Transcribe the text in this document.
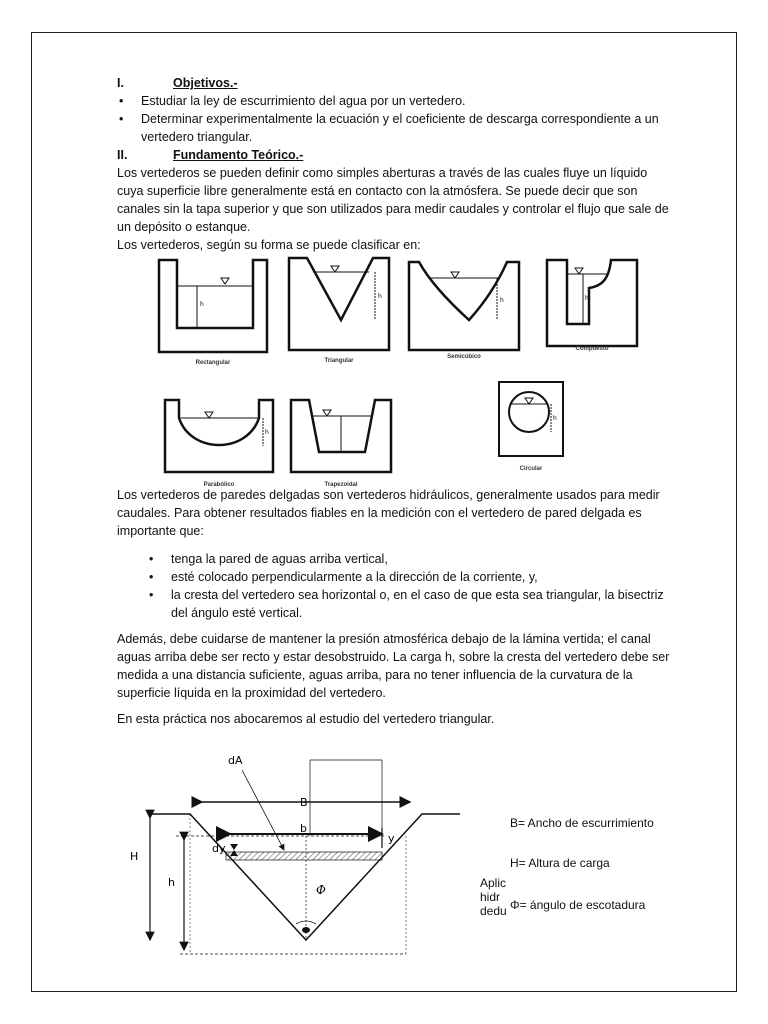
I.	Objetivos.-
• Estudiar la ley de escurrimiento del agua por un vertedero.
• Determinar experimentalmente la ecuación y el coeficiente de descarga correspondiente a un vertedero triangular.
II.	Fundamento Teórico.-

Los vertederos se pueden definir como simples aberturas a través de las cuales fluye un líquido cuya superficie libre generalmente está en contacto con la atmósfera. Se puede decir que son canales sin la tapa superior y que son utilizados para medir caudales y controlar el flujo que sale de un depósito o estanque.

Los vertederos, según su forma se puede clasificar en:

h
Rectangular
h
Triangular
h
Semicúbico
h
Compuesto
h
Parabólico	Trapezoidal
h
Circular

Los vertederos de paredes delgadas son vertederos hidráulicos, generalmente usados para medir caudales. Para obtener resultados fiables en la medición con el vertedero de pared delgada es importante que:

• tenga la pared de aguas arriba vertical,
• esté colocado perpendicularmente a la dirección de la corriente, y,
• la cresta del vertedero sea horizontal o, en el caso de que esta sea triangular, la bisectriz del ángulo esté vertical.

Además, debe cuidarse de mantener la presión atmosférica debajo de la lámina vertida; el canal aguas arriba debe ser recto y estar desobstruido. La carga h, sobre la cresta del vertedero debe ser medida a una distancia suficiente, aguas arriba, para no tener influencia de la curvatura de la superficie líquida en la proximidad del vertedero.

En esta práctica nos abocaremos al estudio del vertedero triangular.

B
b
dA
dy
y
H
h
Φ	Aplic
hidr
dedu
B= Ancho de escurrimiento
H= Altura de carga
Φ= ángulo de escotadura
